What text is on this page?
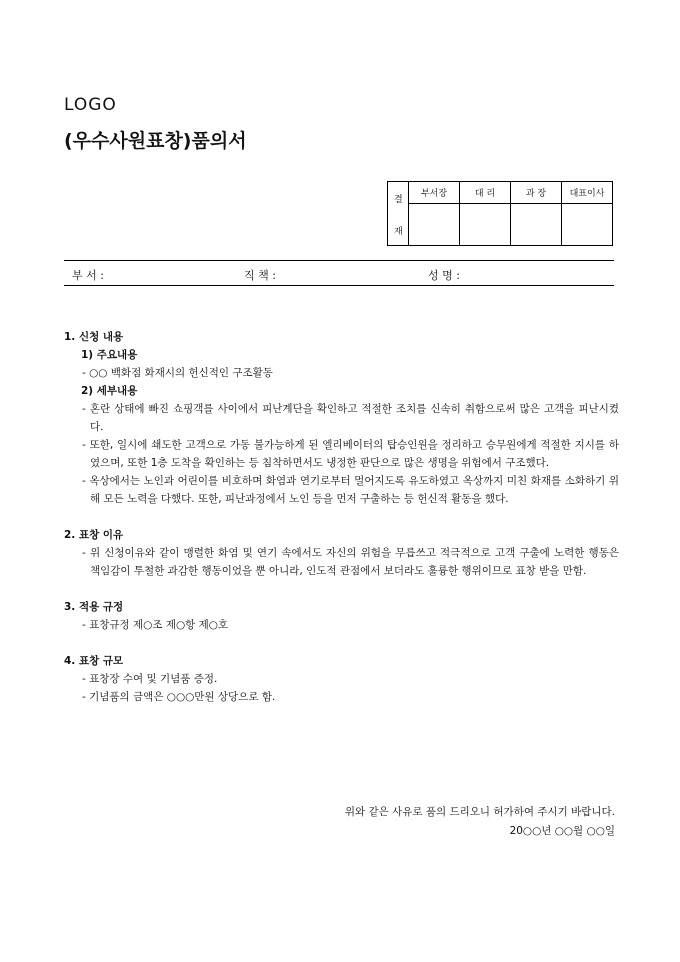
LOGO
(우수사원표창)품의서
	부서장	대 리	과 장	대표이사

결
재				

부 서 :	직 책 :	성 명 :
1. 신청 내용
1) 주요내용
- ○○ 백화점 화재시의 헌신적인 구조활동
2) 세부내용
- 혼란 상태에 빠진 쇼핑객를 사이에서 피난계단을 확인하고 적절한 조치를 신속히 취함으로써 많은 고객을 피난시켰다.
- 또한, 일시에 쇄도한 고객으로 가동 불가능하게 된 엘리베이터의 탑승인원을 정리하고 승무원에게 적절한 지시를 하였으며, 또한 1층 도착을 확인하는 등 침착하면서도 냉정한 판단으로 많은 생명을 위험에서 구조했다.
- 옥상에서는 노인과 어린이를 비호하며 화염과 연기로부터 멀어지도록 유도하였고 옥상까지 미친 화재를 소화하기 위해 모든 노력을 다했다. 또한, 피난과정에서 노인 등을 먼저 구출하는 등 헌신적 활동을 했다.
2. 표창 이유
- 위 신청이유와 같이 맹렬한 화염 및 연기 속에서도 자신의 위험을 무릅쓰고 적극적으로 고객 구출에 노력한 행동은 책임감이 투철한 과감한 행동이었을 뿐 아니라, 인도적 관점에서 보더라도 훌륭한 행위이므로 표창 받을 만함.
3. 적용 규정
- 표창규정 제○조 제○항 제○호
4. 표창 규모
- 표창장 수여 및 기념품 증정.
- 기념품의 금액은 ○○○만원 상당으로 함.
위와 같은 사유로 품의 드리오니 허가하여 주시기 바랍니다.
20○○년 ○○월 ○○일
